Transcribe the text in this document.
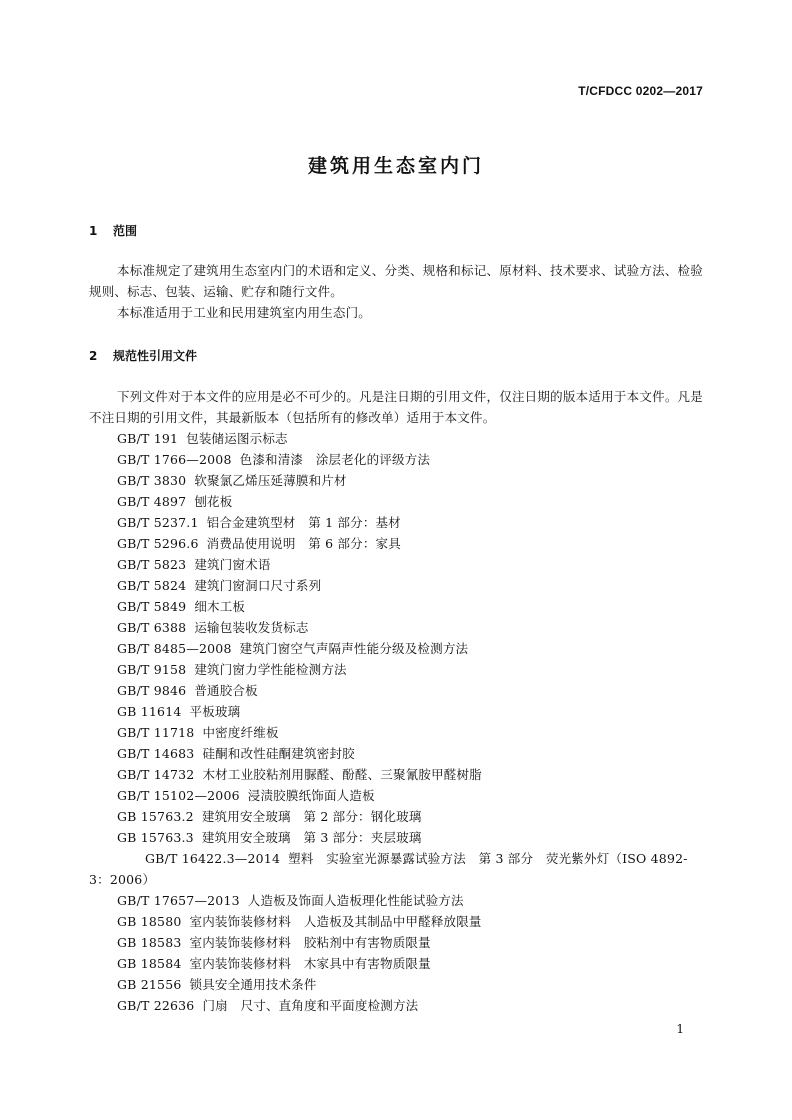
T/CFDCC 0202—2017
建筑用生态室内门
1 范围
本标准规定了建筑用生态室内门的术语和定义、分类、规格和标记、原材料、技术要求、试验方法、检验规则、标志、包装、运输、贮存和随行文件。
本标准适用于工业和民用建筑室内用生态门。
2 规范性引用文件
下列文件对于本文件的应用是必不可少的。凡是注日期的引用文件，仅注日期的版本适用于本文件。凡是不注日期的引用文件，其最新版本（包括所有的修改单）适用于本文件。
GB/T 191 包装储运图示标志
GB/T 1766—2008 色漆和清漆　涂层老化的评级方法
GB/T 3830 软聚氯乙烯压延薄膜和片材
GB/T 4897 刨花板
GB/T 5237.1 铝合金建筑型材　第 1 部分：基材
GB/T 5296.6 消费品使用说明　第 6 部分：家具
GB/T 5823 建筑门窗术语
GB/T 5824 建筑门窗洞口尺寸系列
GB/T 5849 细木工板
GB/T 6388 运输包装收发货标志
GB/T 8485—2008 建筑门窗空气声隔声性能分级及检测方法
GB/T 9158 建筑门窗力学性能检测方法
GB/T 9846 普通胶合板
GB 11614 平板玻璃
GB/T 11718 中密度纤维板
GB/T 14683 硅酮和改性硅酮建筑密封胶
GB/T 14732 木材工业胶粘剂用脲醛、酚醛、三聚氰胺甲醛树脂
GB/T 15102—2006 浸渍胶膜纸饰面人造板
GB 15763.2 建筑用安全玻璃　第 2 部分：钢化玻璃
GB 15763.3 建筑用安全玻璃　第 3 部分：夹层玻璃
GB/T 16422.3—2014 塑料　实验室光源暴露试验方法　第 3 部分　荧光紫外灯（ISO 4892-3：2006）
GB/T 17657—2013 人造板及饰面人造板理化性能试验方法
GB 18580 室内装饰装修材料　人造板及其制品中甲醛释放限量
GB 18583 室内装饰装修材料　胶粘剂中有害物质限量
GB 18584 室内装饰装修材料　木家具中有害物质限量
GB 21556 锁具安全通用技术条件
GB/T 22636 门扇　尺寸、直角度和平面度检测方法
1
